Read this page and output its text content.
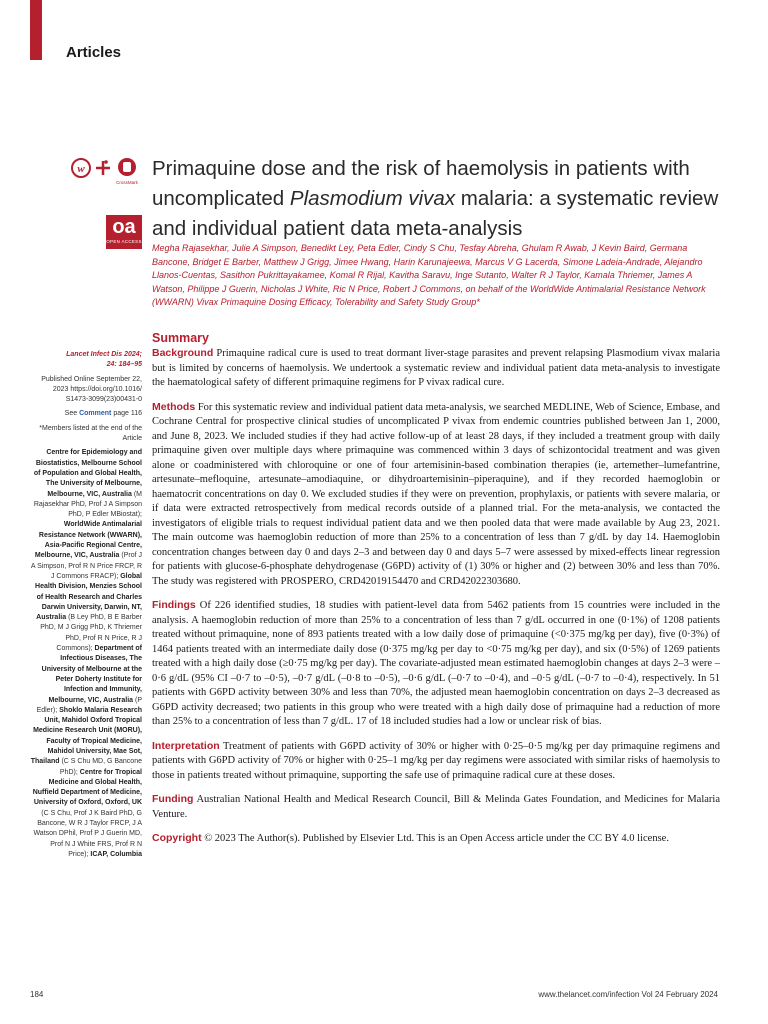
Articles
w
CrossMark
oa
OPEN ACCESS
Primaquine dose and the risk of haemolysis in patients with uncomplicated Plasmodium vivax malaria: a systematic review and individual patient data meta-analysis

Megha Rajasekhar, Julie A Simpson, Benedikt Ley, Peta Edler, Cindy S Chu, Tesfay Abreha, Ghulam R Awab, J Kevin Baird, Germana Bancone, Bridget E Barber, Matthew J Grigg, Jimee Hwang, Harin Karunajeewa, Marcus V G Lacerda, Simone Ladeia-Andrade, Alejandro Llanos-Cuentas, Sasithon Pukrittayakamee, Komal R Rijal, Kavitha Saravu, Inge Sutanto, Walter R J Taylor, Kamala Thriemer, James A Watson, Philippe J Guerin, Nicholas J White, Ric N Price, Robert J Commons, on behalf of the WorldWide Antimalarial Resistance Network (WWARN) Vivax Primaquine Dosing Efficacy, Tolerability and Safety Study Group*

Lancet Infect Dis 2024;
24: 184–95

Published Online September 22, 2023 https://doi.org/10.1016/ S1473-3099(23)00431-0

See Comment page 116

*Members listed at the end of the Article

Centre for Epidemiology and Biostatistics, Melbourne School of Population and Global Health, The University of Melbourne, Melbourne, VIC, Australia (M Rajasekhar PhD, Prof J A Simpson PhD, P Edler MBiostat); WorldWide Antimalarial Resistance Network (WWARN), Asia-Pacific Regional Centre, Melbourne, VIC, Australia (Prof J A Simpson, Prof R N Price FRCP, R J Commons FRACP); Global Health Division, Menzies School of Health Research and Charles Darwin University, Darwin, NT, Australia (B Ley PhD, B E Barber PhD, M J Grigg PhD, K Thriemer PhD, Prof R N Price, R J Commons); Department of Infectious Diseases, The University of Melbourne at the Peter Doherty Institute for Infection and Immunity, Melbourne, VIC, Australia (P Edler); Shoklo Malaria Research Unit, Mahidol Oxford Tropical Medicine Research Unit (MORU), Faculty of Tropical Medicine, Mahidol University, Mae Sot, Thailand (C S Chu MD, G Bancone PhD); Centre for Tropical Medicine and Global Health, Nuffield Department of Medicine, University of Oxford, Oxford, UK (C S Chu, Prof J K Baird PhD, G Bancone, W R J Taylor FRCP, J A Watson DPhil, Prof P J Guerin MD, Prof N J White FRS, Prof R N Price); ICAP, Columbia

Summary

Background Primaquine radical cure is used to treat dormant liver-stage parasites and prevent relapsing Plasmodium vivax malaria but is limited by concerns of haemolysis. We undertook a systematic review and individual patient data meta-analysis to investigate the haematological safety of different primaquine regimens for P vivax radical cure.

Methods For this systematic review and individual patient data meta-analysis, we searched MEDLINE, Web of Science, Embase, and Cochrane Central for prospective clinical studies of uncomplicated P vivax from endemic countries published between Jan 1, 2000, and June 8, 2023. We included studies if they had active follow-up of at least 28 days, if they included a treatment group with daily primaquine given over multiple days where primaquine was commenced within 3 days of schizontocidal treatment and was given alone or coadministered with chloroquine or one of four artemisinin-based combination therapies (ie, artemether–lumefantrine, artesunate–mefloquine, artesunate–amodiaquine, or dihydroartemisinin–piperaquine), and if they recorded haemoglobin or haematocrit concentrations on day 0. We excluded studies if they were on prevention, prophylaxis, or patients with severe malaria, or if data were extracted retrospectively from medical records outside of a planned trial. For the meta-analysis, we contacted the investigators of eligible trials to request individual patient data and we then pooled data that were made available by Aug 23, 2021. The main outcome was haemoglobin reduction of more than 25% to a concentration of less than 7 g/dL by day 14. Haemoglobin concentration changes between day 0 and days 2–3 and between day 0 and days 5–7 were assessed by mixed-effects linear regression for patients with glucose-6-phosphate dehydrogenase (G6PD) activity of (1) 30% or higher and (2) between 30% and less than 70%. The study was registered with PROSPERO, CRD42019154470 and CRD42022303680.

Findings Of 226 identified studies, 18 studies with patient-level data from 5462 patients from 15 countries were included in the analysis. A haemoglobin reduction of more than 25% to a concentration of less than 7 g/dL occurred in one (0·1%) of 1208 patients treated without primaquine, none of 893 patients treated with a low daily dose of primaquine (<0·375 mg/kg per day), five (0·3%) of 1464 patients treated with an intermediate daily dose (0·375 mg/kg per day to <0·75 mg/kg per day), and six (0·5%) of 1269 patients treated with a high daily dose (≥0·75 mg/kg per day). The covariate-adjusted mean estimated haemoglobin changes at days 2–3 were –0·6 g/dL (95% CI –0·7 to –0·5), –0·7 g/dL (–0·8 to –0·5), –0·6 g/dL (–0·7 to –0·4), and –0·5 g/dL (–0·7 to –0·4), respectively. In 51 patients with G6PD activity between 30% and less than 70%, the adjusted mean haemoglobin concentration on days 2–3 decreased as G6PD activity decreased; two patients in this group who were treated with a high daily dose of primaquine had a reduction of more than 25% to a concentration of less than 7 g/dL. 17 of 18 included studies had a low or unclear risk of bias.

Interpretation Treatment of patients with G6PD activity of 30% or higher with 0·25–0·5 mg/kg per day primaquine regimens and patients with G6PD activity of 70% or higher with 0·25–1 mg/kg per day regimens were associated with similar risks of haemolysis to those in patients treated without primaquine, supporting the safe use of primaquine radical cure at these doses.

Funding Australian National Health and Medical Research Council, Bill & Melinda Gates Foundation, and Medicines for Malaria Venture.

Copyright © 2023 The Author(s). Published by Elsevier Ltd. This is an Open Access article under the CC BY 4.0 license.

184	www.thelancet.com/infection Vol 24 February 2024
